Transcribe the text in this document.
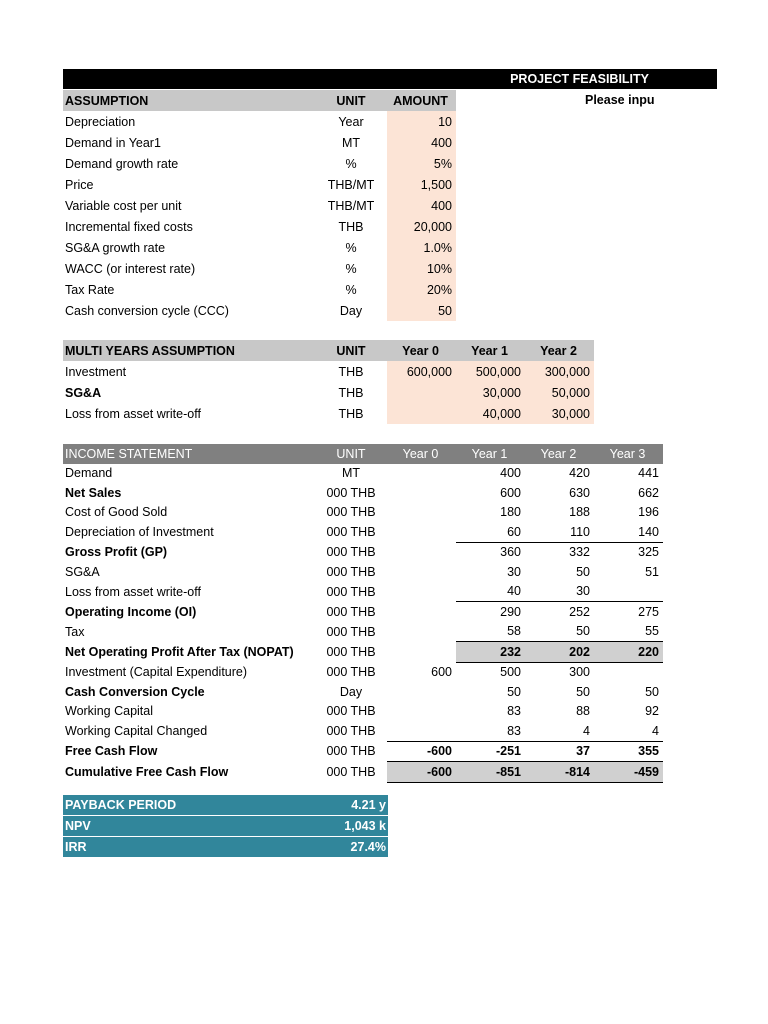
PROJECT FEASIBILITY
Please inpu
ASSUMPTION	UNIT	AMOUNT
Depreciation	Year	10
Demand in Year1	MT	400
Demand growth rate	%	5%
Price	THB/MT	1,500
Variable cost per unit	THB/MT	400
Incremental fixed costs	THB	20,000
SG&A growth rate	%	1.0%
WACC (or interest rate)	%	10%
Tax Rate	%	20%
Cash conversion cycle (CCC)	Day	50
MULTI YEARS ASSUMPTION	UNIT	Year 0	Year 1	Year 2
Investment	THB	600,000	500,000	300,000
SG&A	THB		30,000	50,000
Loss from asset write-off	THB		40,000	30,000
INCOME STATEMENT	UNIT	Year 0	Year 1	Year 2	Year 3
Demand	MT		400	420	441
Net Sales	000 THB		600	630	662
Cost of Good Sold	000 THB		180	188	196
Depreciation of Investment	000 THB		60	110	140
Gross Profit (GP)	000 THB		360	332	325
SG&A	000 THB		30	50	51
Loss from asset write-off	000 THB		40	30	
Operating Income (OI)	000 THB		290	252	275
Tax	000 THB		58	50	55
Net Operating Profit After Tax (NOPAT)	000 THB		232	202	220
Investment (Capital Expenditure)	000 THB	600	500	300	
Cash Conversion Cycle	Day		50	50	50
Working Capital	000 THB		83	88	92
Working Capital Changed	000 THB		83	4	4
Free Cash Flow	000 THB	-600	-251	37	355
Cumulative Free Cash Flow	000 THB	-600	-851	-814	-459
PAYBACK PERIOD	4.21 y
NPV	1,043 k
IRR	27.4%
